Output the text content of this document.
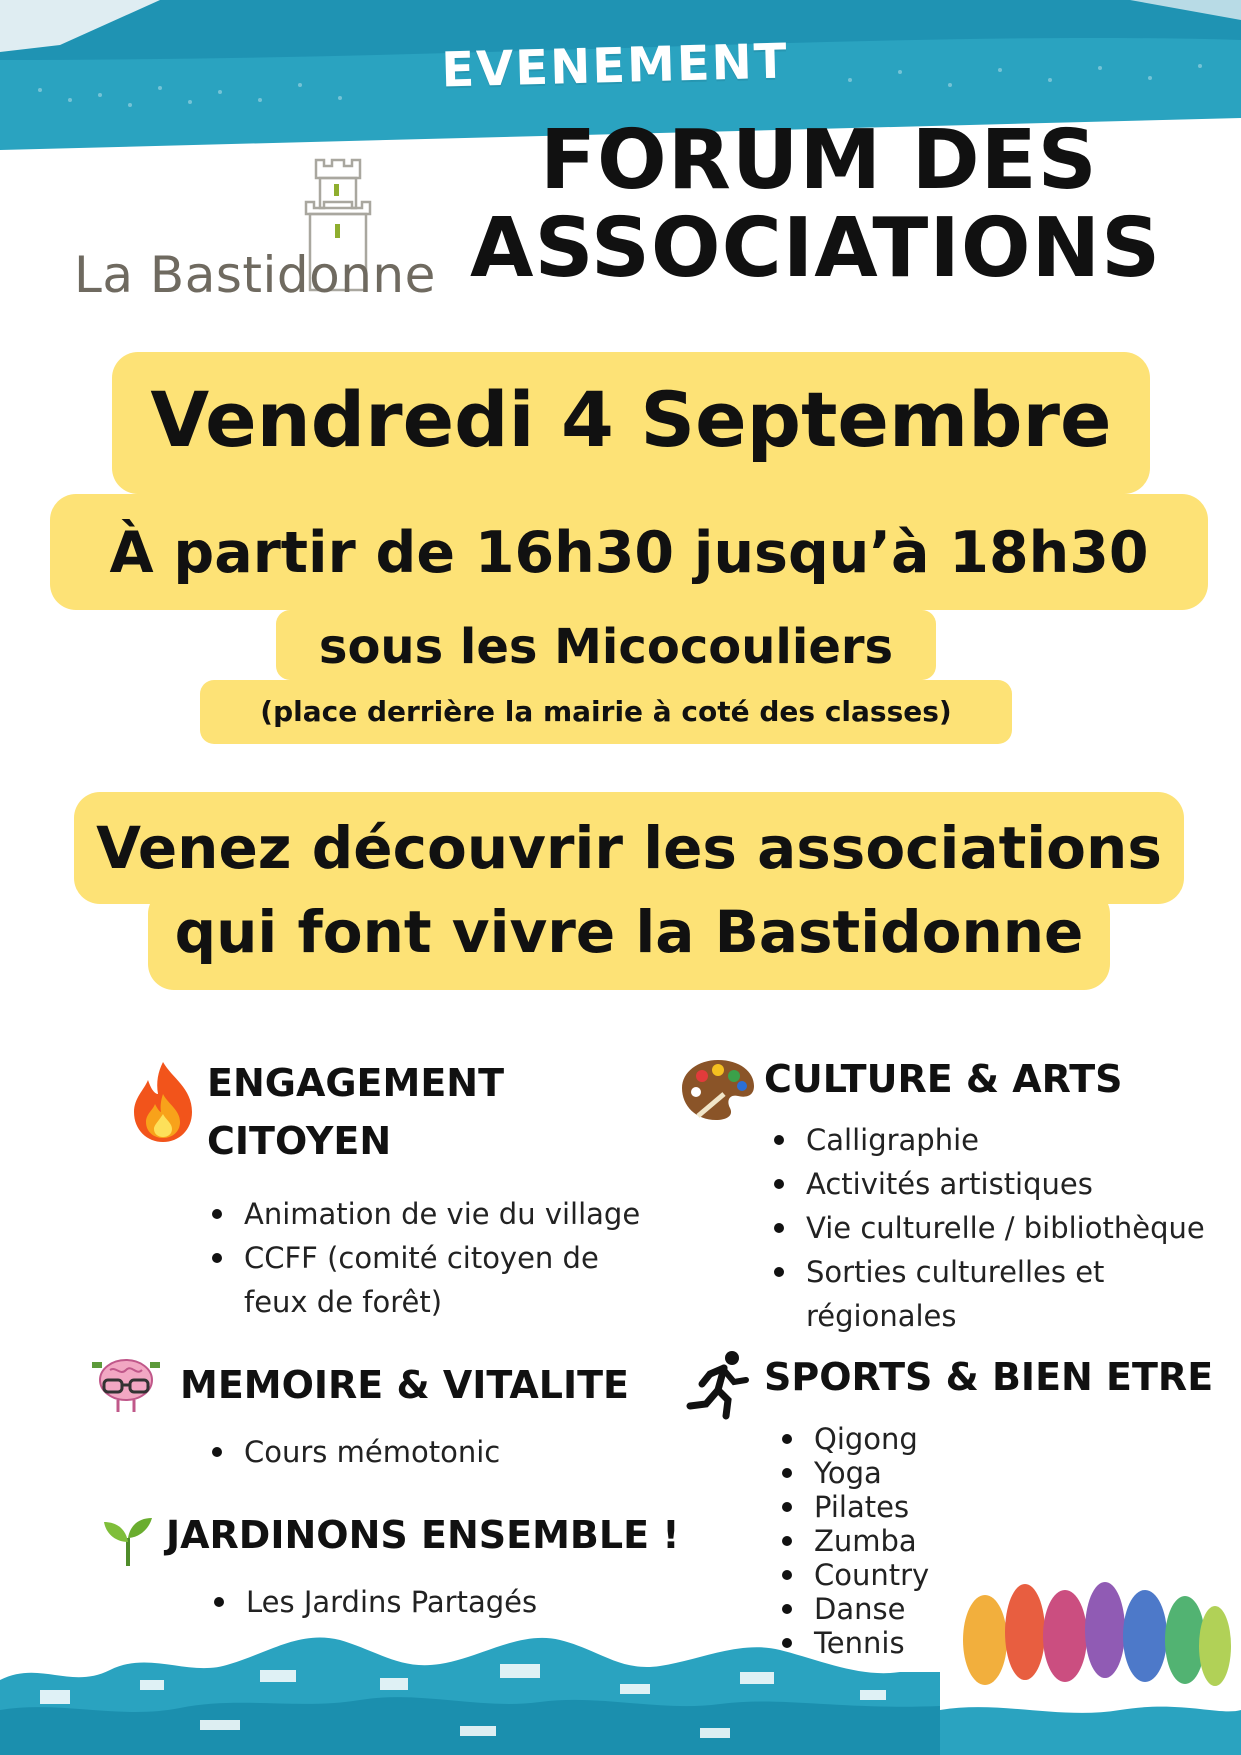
EVENEMENT
La Bastidonne
FORUM DES
ASSOCIATIONS
Vendredi 4 Septembre
À partir de 16h30 jusqu’à 18h30
sous les Micocouliers
(place derrière la mairie à coté des classes)
Venez découvrir les associations
qui font vivre la Bastidonne
ENGAGEMENT
CITOYEN
Animation de vie du village
CCFF (comité citoyen de
feux de forêt)
MEMOIRE & VITALITE
Cours mémotonic
JARDINONS ENSEMBLE !
Les Jardins Partagés
CULTURE & ARTS
Calligraphie
Activités artistiques
Vie culturelle / bibliothèque
Sorties culturelles et
régionales
SPORTS & BIEN ETRE
Qigong
Yoga
Pilates
Zumba
Country
Danse
Tennis
